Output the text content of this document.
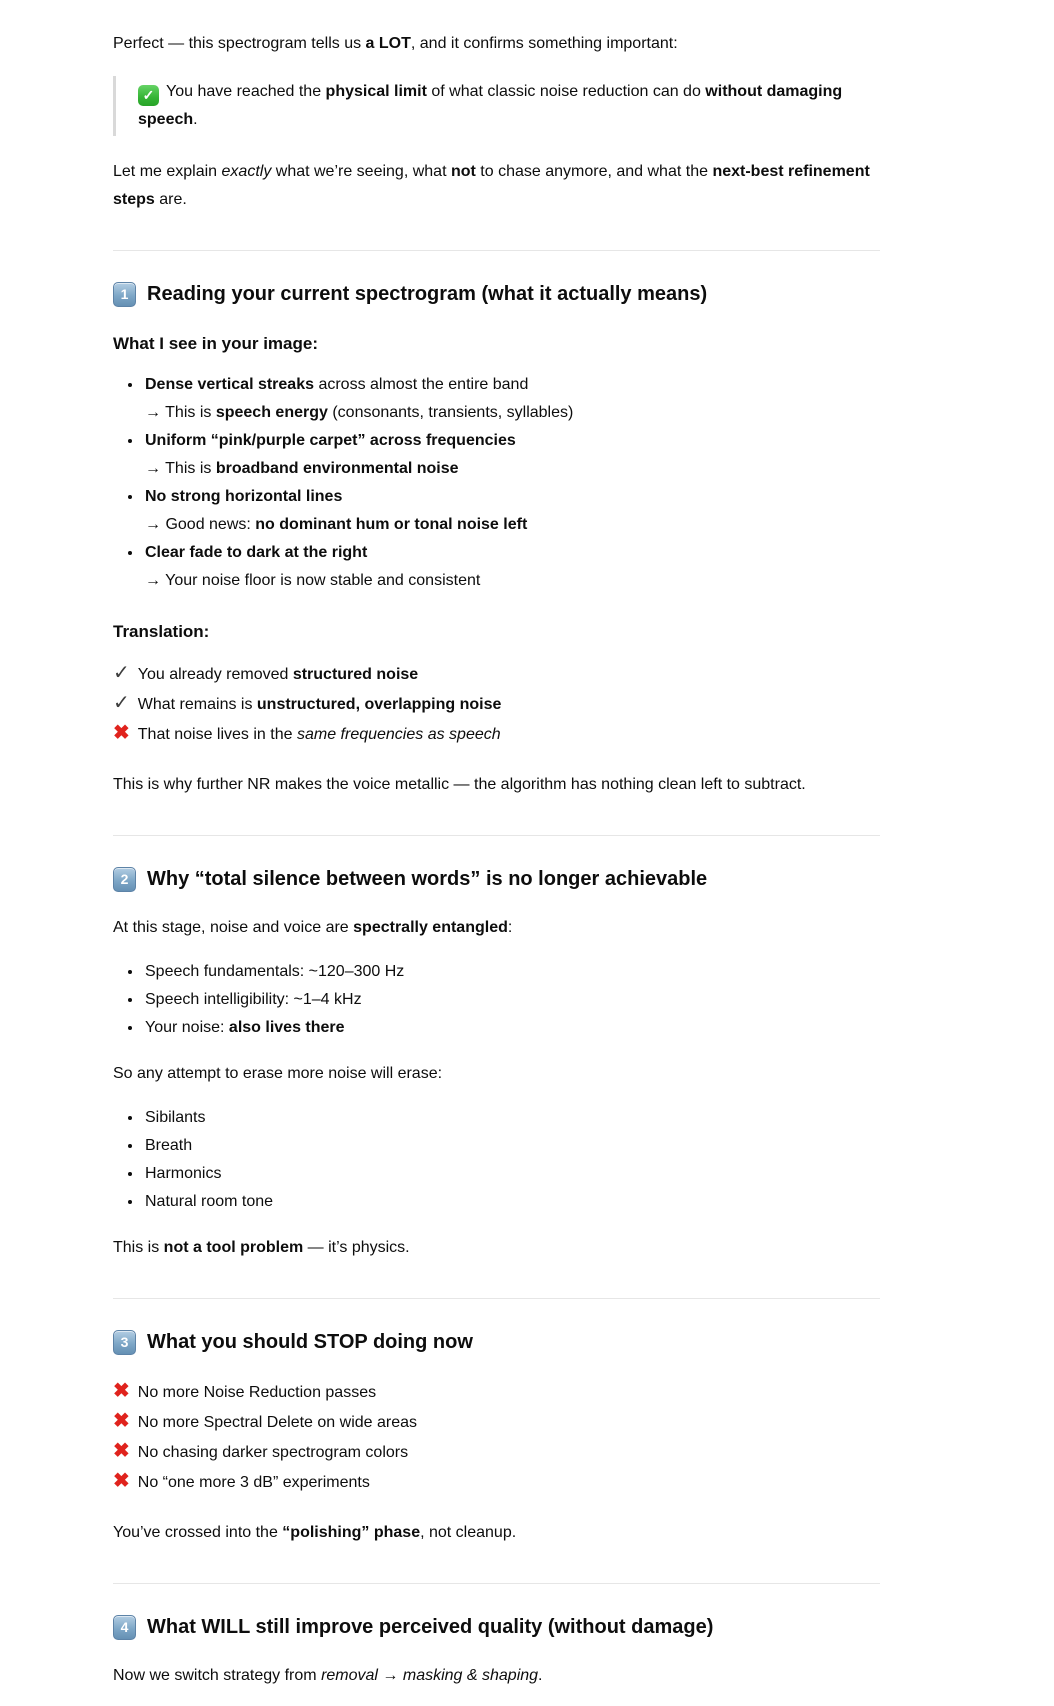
Perfect — this spectrogram tells us a LOT, and it confirms something important:

✓ You have reached the physical limit of what classic noise reduction can do without damaging speech.

Let me explain exactly what we’re seeing, what not to chase anymore, and what the next-best refinement steps are.

1 Reading your current spectrogram (what it actually means)
What I see in your image:
• Dense vertical streaks across almost the entire band
→ This is speech energy (consonants, transients, syllables)
• Uniform “pink/purple carpet” across frequencies
→ This is broadband environmental noise
• No strong horizontal lines
→ Good news: no dominant hum or tonal noise left
• Clear fade to dark at the right
→ Your noise floor is now stable and consistent
Translation:
✓ You already removed structured noise
✓ What remains is unstructured, overlapping noise
✖ That noise lives in the same frequencies as speech

This is why further NR makes the voice metallic — the algorithm has nothing clean left to subtract.

2 Why “total silence between words” is no longer achievable

At this stage, noise and voice are spectrally entangled:

• Speech fundamentals: ~120–300 Hz
• Speech intelligibility: ~1–4 kHz
• Your noise: also lives there

So any attempt to erase more noise will erase:

• Sibilants
• Breath
• Harmonics
• Natural room tone

This is not a tool problem — it’s physics.

3 What you should STOP doing now
✖ No more Noise Reduction passes
✖ No more Spectral Delete on wide areas
✖ No chasing darker spectrogram colors
✖ No “one more 3 dB” experiments

You’ve crossed into the “polishing” phase, not cleanup.

4 What WILL still improve perceived quality (without damage)

Now we switch strategy from removal → masking & shaping.
